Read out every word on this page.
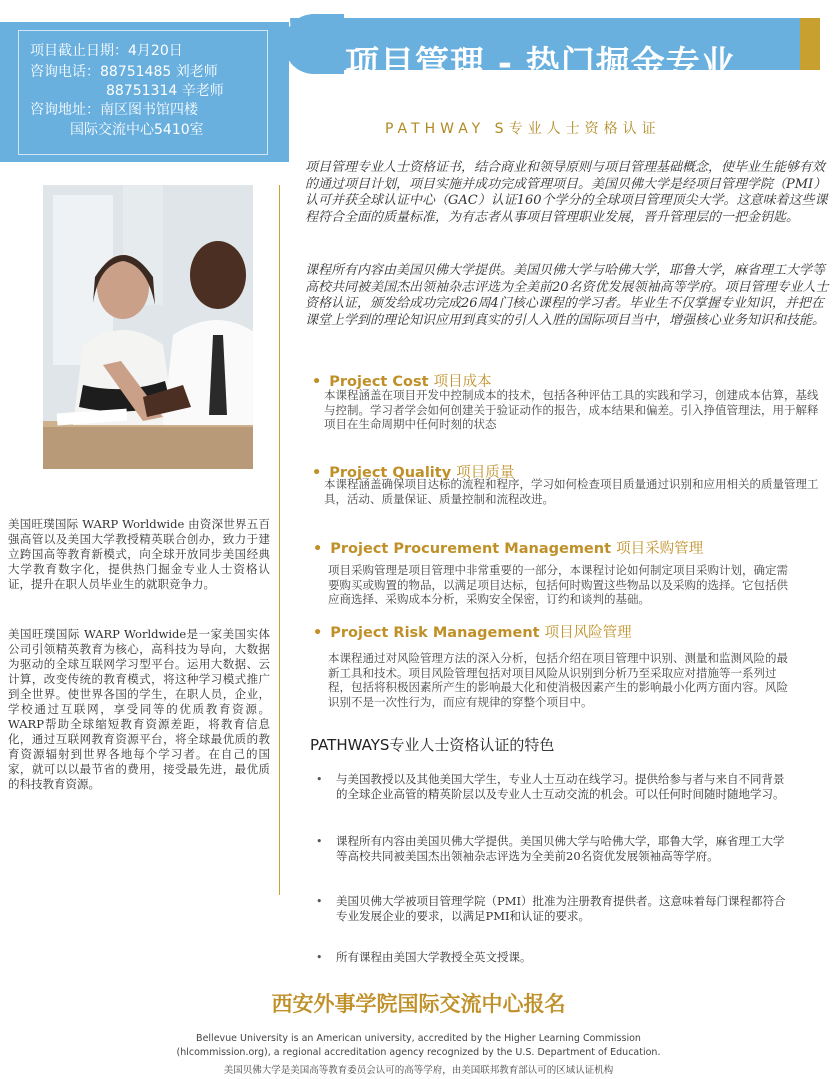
项目截止日期：4月20日
咨询电话：88751485 刘老师
88751314 辛老师
咨询地址：南区图书馆四楼
国际交流中心5410室
项目管理 - 热门掘金专业
PATHWAY S专业人士资格认证
项目管理专业人士资格证书，结合商业和领导原则与项目管理基础概念，使毕业生能够有效的通过项目计划，项目实施并成功完成管理项目。美国贝佛大学是经项目管理学院（PMI）认可并获全球认证中心（GAC）认证160个学分的全球项目管理顶尖大学。这意味着这些课程符合全面的质量标准，为有志者从事项目管理职业发展，晋升管理层的一把金钥匙。
课程所有内容由美国贝佛大学提供。美国贝佛大学与哈佛大学，耶鲁大学，麻省理工大学等高校共同被美国杰出领袖杂志评选为全美前20名资优发展领袖高等学府。项目管理专业人士资格认证，颁发给成功完成26周4门核心课程的学习者。毕业生不仅掌握专业知识，并把在课堂上学到的理论知识应用到真实的引人入胜的国际项目当中，增强核心业务知识和技能。
美国旺璞国际 WARP Worldwide 由资深世界五百强高管以及美国大学教授精英联合创办，致力于建立跨国高等教育新模式，向全球开放同步美国经典大学教育数字化，提供热门掘金专业人士资格认证，提升在职人员毕业生的就职竞争力。
美国旺璞国际 WARP Worldwide是一家美国实体公司引领精英教育为核心，高科技为导向，大数据为驱动的全球互联网学习型平台。运用大数据、云计算，改变传统的教育模式，将这种学习模式推广到全世界。使世界各国的学生，在职人员，企业，学校通过互联网，享受同等的优质教育资源。WARP帮助全球缩短教育资源差距，将教育信息化，通过互联网教育资源平台，将全球最优质的教育资源辐射到世界各地每个学习者。在自己的国家，就可以以最节省的费用，接受最先进，最优质的科技教育资源。
• Project Cost 项目成本
本课程涵盖在项目开发中控制成本的技术，包括各种评估工具的实践和学习，创建成本估算，基线与控制。学习者学会如何创建关于验证动作的报告，成本结果和偏差。引入挣值管理法，用于解释项目在生命周期中任何时刻的状态
• Project Quality 项目质量
本课程涵盖确保项目达标的流程和程序，学习如何检查项目质量通过识别和应用相关的质量管理工具，活动、质量保证、质量控制和流程改进。
• Project Procurement Management 项目采购管理
项目采购管理是项目管理中非常重要的一部分，本课程讨论如何制定项目采购计划，确定需要购买或购置的物品，以满足项目达标，包括何时购置这些物品以及采购的选择。它包括供应商选择、采购成本分析，采购安全保密，订约和谈判的基础。
• Project Risk Management 项目风险管理
本课程通过对风险管理方法的深入分析，包括介绍在项目管理中识别、测量和监测风险的最新工具和技术。项目风险管理包括对项目风险从识别到分析乃至采取应对措施等一系列过程，包括将积极因素所产生的影响最大化和使消极因素产生的影响最小化两方面内容。风险识别不是一次性行为，而应有规律的穿整个项目中。
PATHWAYS专业人士资格认证的特色
•	与美国教授以及其他美国大学生，专业人士互动在线学习。提供给参与者与来自不同背景的全球企业高管的精英阶层以及专业人士互动交流的机会。可以任何时间随时随地学习。
•	课程所有内容由美国贝佛大学提供。美国贝佛大学与哈佛大学，耶鲁大学，麻省理工大学等高校共同被美国杰出领袖杂志评选为全美前20名资优发展领袖高等学府。
•	美国贝佛大学被项目管理学院（PMI）批准为注册教育提供者。这意味着每门课程都符合专业发展企业的要求，以满足PMI和认证的要求。
•	所有课程由美国大学教授全英文授课。
西安外事学院国际交流中心报名
Bellevue University is an American university, accredited by the Higher Learning Commission
(hlcommission.org), a regional accreditation agency recognized by the U.S. Department of Education.
美国贝佛大学是美国高等教育委员会认可的高等学府，由美国联邦教育部认可的区域认证机构
